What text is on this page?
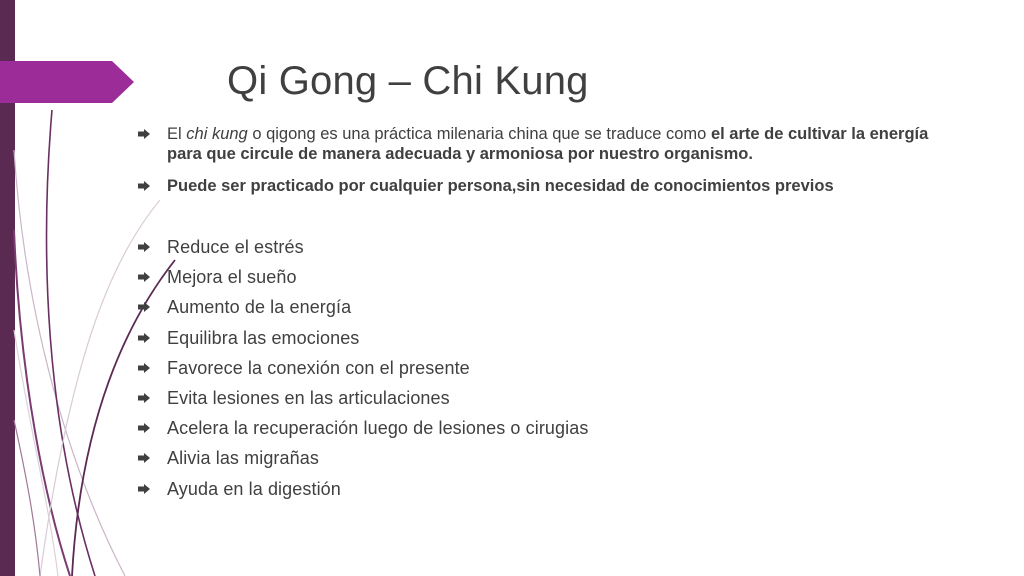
Qi Gong – Chi Kung
El chi kung o qigong es una práctica milenaria china que se traduce como el arte de cultivar la energía para que circule de manera adecuada y armoniosa por nuestro organismo.
Puede ser practicado por cualquier persona,sin necesidad de conocimientos previos
Reduce el estrés
Mejora el sueño
Aumento de la energía
Equilibra las emociones
Favorece la conexión con el presente
Evita lesiones en las articulaciones
Acelera la recuperación luego de lesiones o cirugias
Alivia las migrañas
Ayuda en la digestión
